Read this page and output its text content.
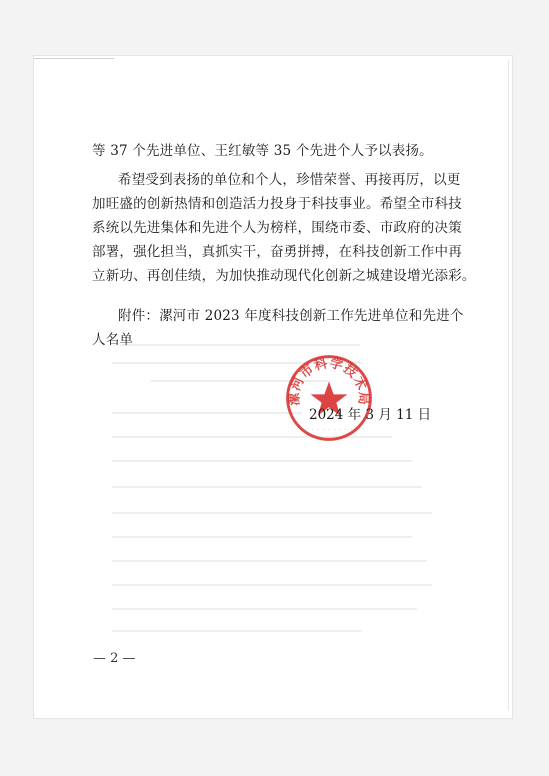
等 37 个先进单位、王红敏等 35 个先进个人予以表扬。
希望受到表扬的单位和个人，珍惜荣誉、再接再厉，以更
加旺盛的创新热情和创造活力投身于科技事业。希望全市科技
系统以先进集体和先进个人为榜样，围绕市委、市政府的决策
部署，强化担当，真抓实干，奋勇拼搏，在科技创新工作中再
立新功、再创佳绩，为加快推动现代化创新之城建设增光添彩。
附件：漯河市 2023 年度科技创新工作先进单位和先进个
人名单
漯河市科学技术局
· · · · · · · · ·
2024 年 3 月 11 日
— 2 —
